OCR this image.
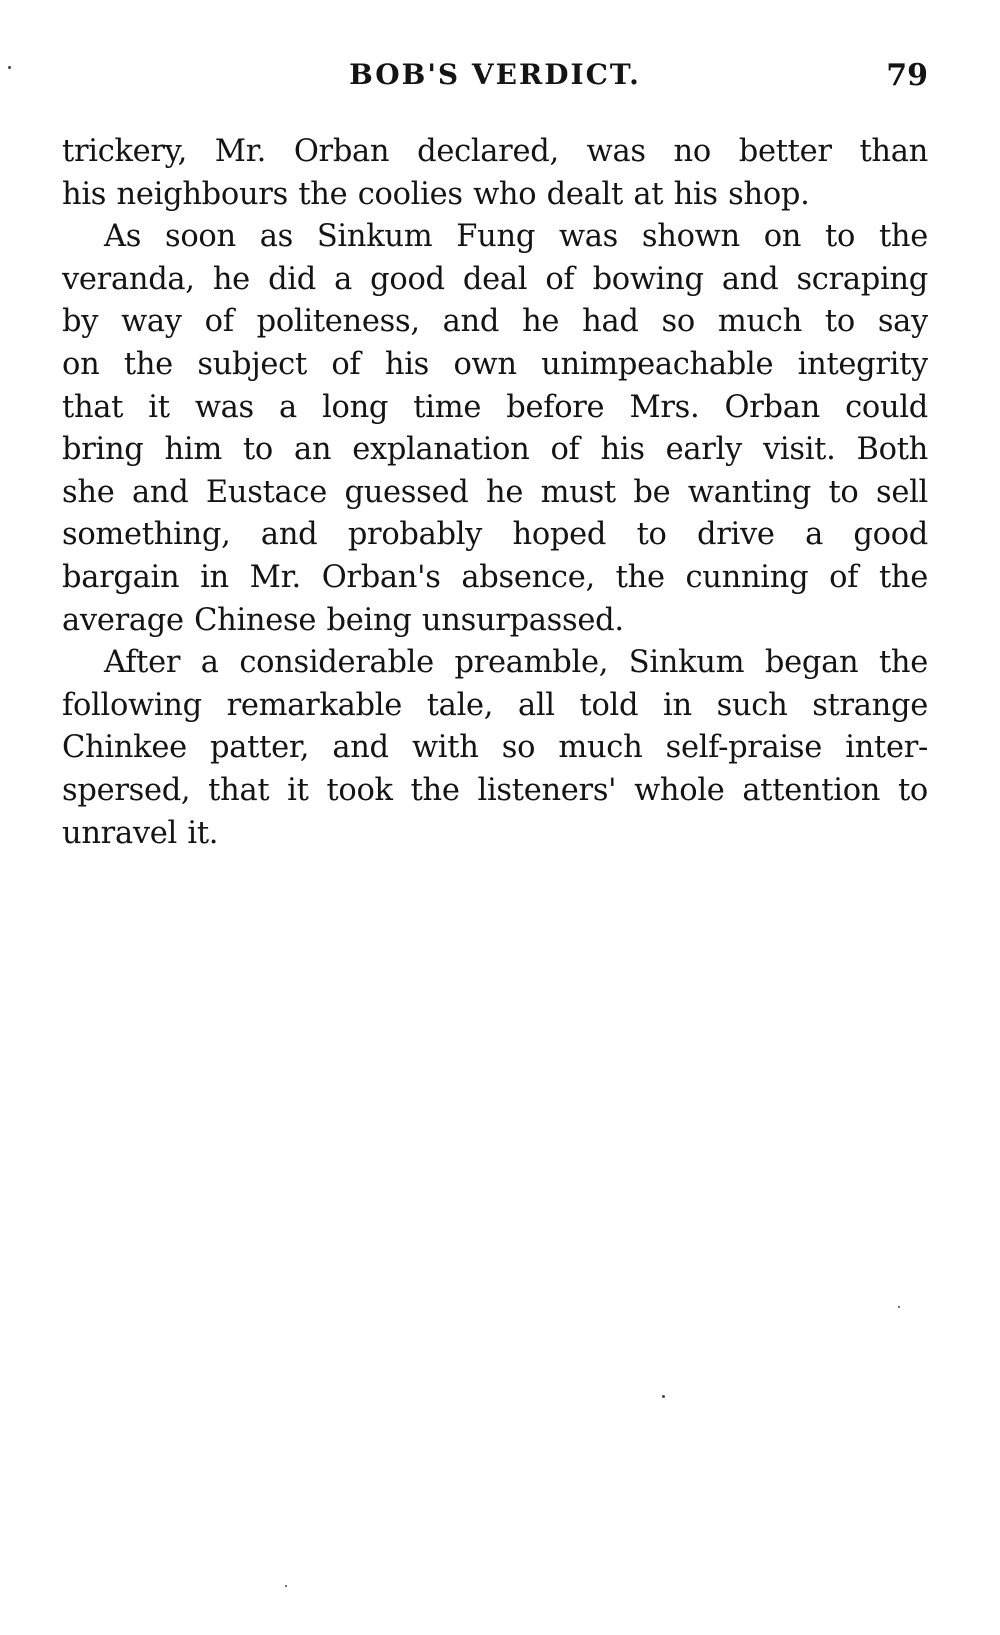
BOB'S VERDICT.	79
trickery, Mr. Orban declared, was no better than
his neighbours the coolies who dealt at his shop.
As soon as Sinkum Fung was shown on to the
veranda, he did a good deal of bowing and scraping
by way of politeness, and he had so much to say
on the subject of his own unimpeachable integrity
that it was a long time before Mrs. Orban could
bring him to an explanation of his early visit. Both
she and Eustace guessed he must be wanting to sell
something, and probably hoped to drive a good
bargain in Mr. Orban's absence, the cunning of the
average Chinese being unsurpassed.
After a considerable preamble, Sinkum began the
following remarkable tale, all told in such strange
Chinkee patter, and with so much self-praise inter-
spersed, that it took the listeners' whole attention to
unravel it.
